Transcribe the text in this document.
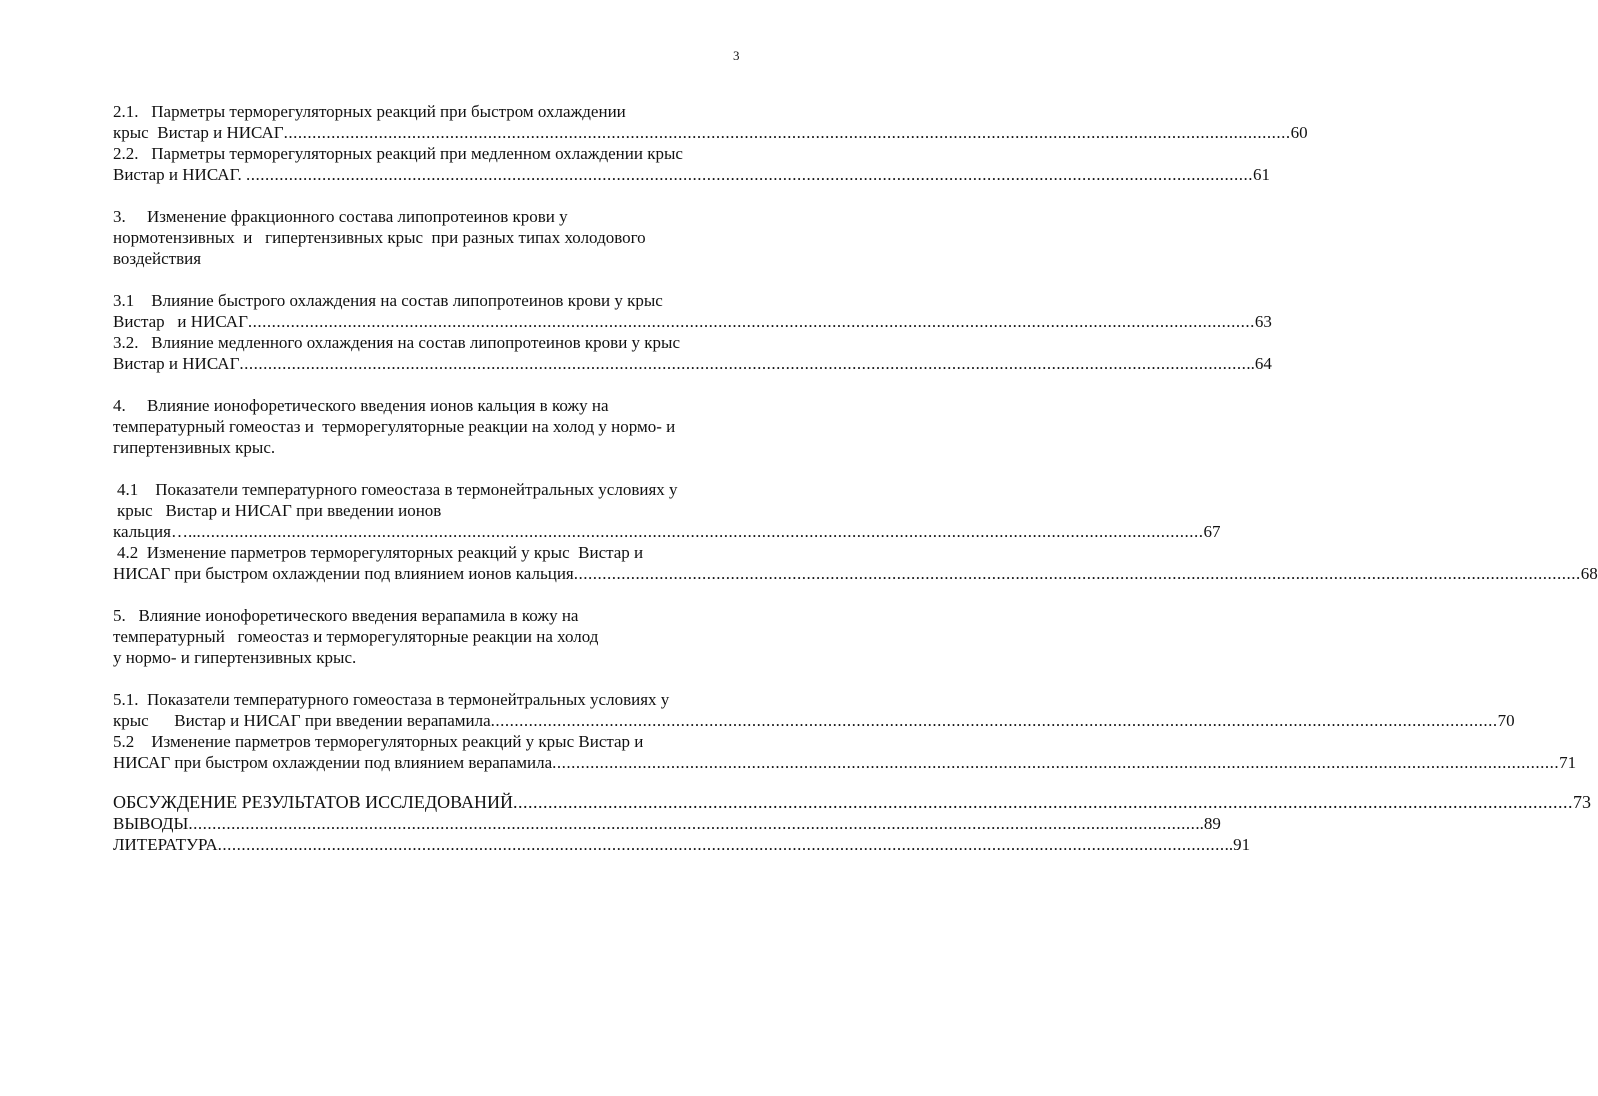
3
2.1.   Парметры терморегуляторных реакций при быстром охлаждении
крыс  Вистар и НИСАГ .................................................................................................................................................................................................................... 60
2.2.   Парметры терморегуляторных реакций при медленном охлаждении крыс
Вистар и НИСАГ. .................................................................................................................................................................................................................... 61
3.     Изменение фракционного состава липопротеинов крови у
нормотензивных  и   гипертензивных крыс  при разных типах холодового
воздействия
3.1    Влияние быстрого охлаждения на состав липопротеинов крови у крыс
Вистар   и НИСАГ .................................................................................................................................................................................................................... 63
3.2.   Влияние медленного охлаждения на состав липопротеинов крови у крыс
Вистар и НИСАГ .................................................................................................................................................................................................................... ..64
4.     Влияние ионофоретического введения ионов кальция в кожу на
температурный гомеостаз и  терморегуляторные реакции на холод у нормо- и
гипертензивных крыс.
4.1    Показатели температурного гомеостаза в термонейтральных условиях у
крыс   Вистар и НИСАГ при введении ионов
кальция….. .................................................................................................................................................................................................................... 67
4.2  Изменение парметров терморегуляторных реакций у крыс  Вистар и
НИСАГ при быстром охлаждении под влиянием ионов кальция .................................................................................................................................................................................................................... 68
5.   Влияние ионофоретического введения верапамила в кожу на
температурный   гомеостаз и терморегуляторные реакции на холод
у нормо- и гипертензивных крыс.
5.1.  Показатели температурного гомеостаза в термонейтральных условиях у
крыс      Вистар и НИСАГ при введении верапамила .................................................................................................................................................................................................................... 70
5.2    Изменение парметров терморегуляторных реакций у крыс Вистар и
НИСАГ при быстром охлаждении под влиянием верапамила .................................................................................................................................................................................................................... 71
ОБСУЖДЕНИЕ РЕЗУЛЬТАТОВ ИССЛЕДОВАНИЙ .................................................................................................................................................................................................................... 73
ВЫВОДЫ .................................................................................................................................................................................................................... ..89
ЛИТЕРАТУРА .................................................................................................................................................................................................................... ..91
